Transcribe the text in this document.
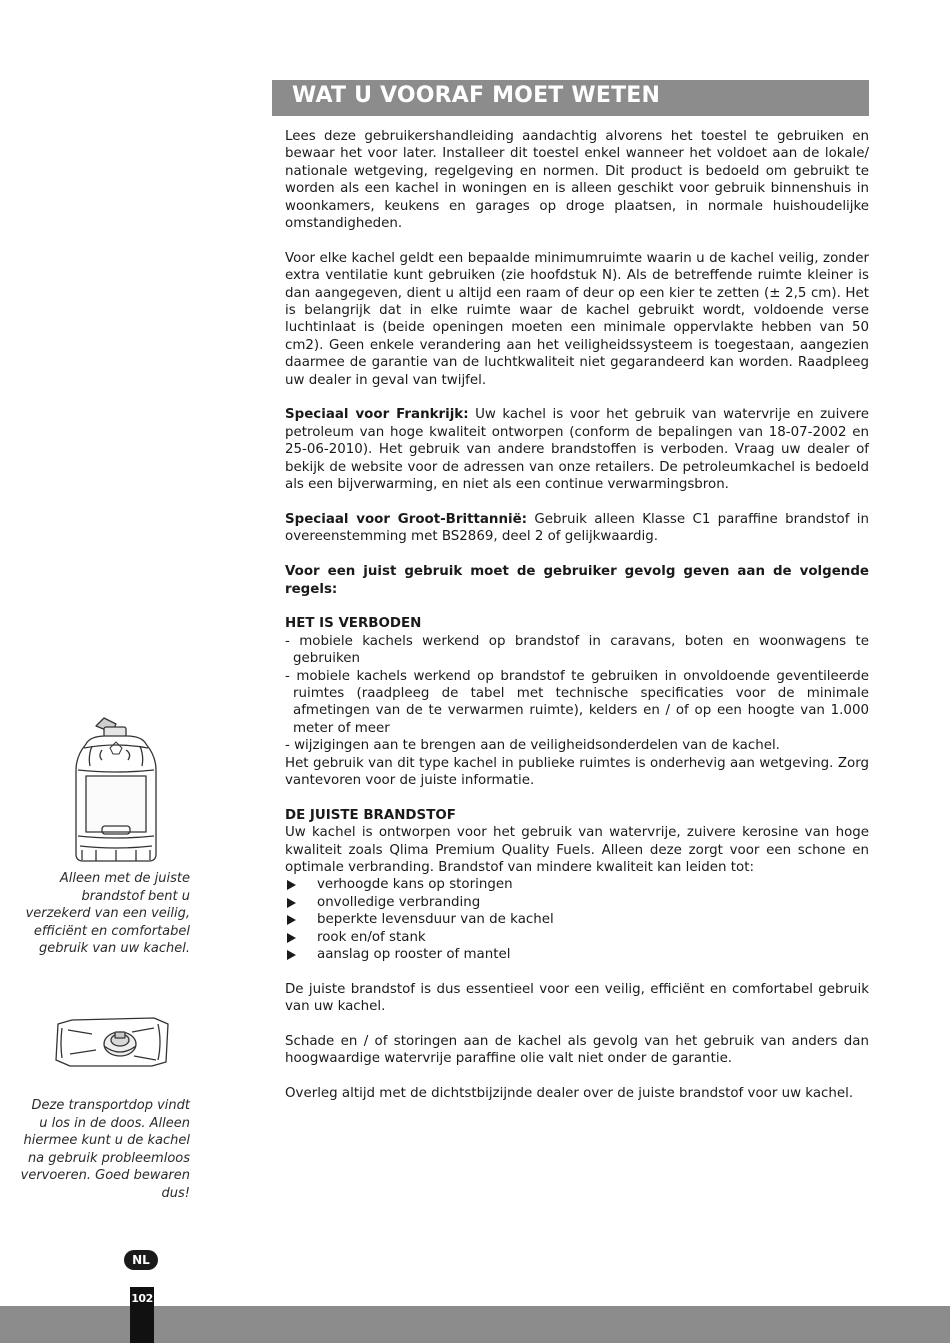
WAT U VOORAF MOET WETEN

Lees deze gebruikershandleiding aandachtig alvorens het toestel te gebruiken en bewaar het voor later. Installeer dit toestel enkel wanneer het voldoet aan de lokale/ nationale wetgeving, regelgeving en normen. Dit product is bedoeld om gebruikt te worden als een kachel in woningen en is alleen geschikt voor gebruik binnenshuis in woonkamers, keukens en garages op droge plaatsen, in normale huishoudelijke omstandigheden.

Voor elke kachel geldt een bepaalde minimumruimte waarin u de kachel veilig, zonder extra ventilatie kunt gebruiken (zie hoofdstuk N). Als de betreffende ruimte kleiner is dan aangegeven, dient u altijd een raam of deur op een kier te zetten (± 2,5 cm). Het is belangrijk dat in elke ruimte waar de kachel gebruikt wordt, voldoende verse luchtinlaat is (beide openingen moeten een minimale oppervlakte hebben van 50 cm2). Geen enkele verandering aan het veiligheidssysteem is toegestaan, aangezien daarmee de garantie van de luchtkwaliteit niet gegarandeerd kan worden. Raadpleeg uw dealer in geval van twijfel.

Speciaal voor Frankrijk: Uw kachel is voor het gebruik van watervrije en zuivere petroleum van hoge kwaliteit ontworpen (conform de bepalingen van 18-07-2002 en 25-06-2010). Het gebruik van andere brandstoffen is verboden. Vraag uw dealer of bekijk de website voor de adressen van onze retailers. De petroleumkachel is bedoeld als een bijverwarming, en niet als een continue verwarmingsbron.

Speciaal voor Groot-Brittannië: Gebruik alleen Klasse C1 paraffine brandstof in overeenstemming met BS2869, deel 2 of gelijkwaardig.

Voor een juist gebruik moet de gebruiker gevolg geven aan de volgende regels:

HET IS VERBODEN
- mobiele kachels werkend op brandstof in caravans, boten en woonwagens te gebruiken
- mobiele kachels werkend op brandstof te gebruiken in onvoldoende geventileerde ruimtes (raadpleeg de tabel met technische specificaties voor de minimale afmetingen van de te verwarmen ruimte), kelders en / of op een hoogte van 1.000 meter of meer
- wijzigingen aan te brengen aan de veiligheidsonderdelen van de kachel.

Het gebruik van dit type kachel in publieke ruimtes is onderhevig aan wetgeving. Zorg vantevoren voor de juiste informatie.

DE JUISTE BRANDSTOF
Uw kachel is ontworpen voor het gebruik van watervrije, zuivere kerosine van hoge kwaliteit zoals Qlima Premium Quality Fuels. Alleen deze zorgt voor een schone en optimale verbranding. Brandstof van mindere kwaliteit kan leiden tot:
verhoogde kans op storingen
onvolledige verbranding
beperkte levensduur van de kachel
rook en/of stank
aanslag op rooster of mantel

De juiste brandstof is dus essentieel voor een veilig, efficiënt en comfortabel gebruik van uw kachel.

Schade en / of storingen aan de kachel als gevolg van het gebruik van anders dan hoogwaardige watervrije paraffine olie valt niet onder de garantie.

Overleg altijd met de dichtstbijzijnde dealer over de juiste brandstof voor uw kachel.

Alleen met de juiste brandstof bent u verzekerd van een veilig, efficiënt en comfortabel gebruik van uw kachel.
Deze transportdop vindt u los in de doos. Alleen hiermee kunt u de kachel na gebruik probleemloos vervoeren. Goed bewaren dus!
NL
102
